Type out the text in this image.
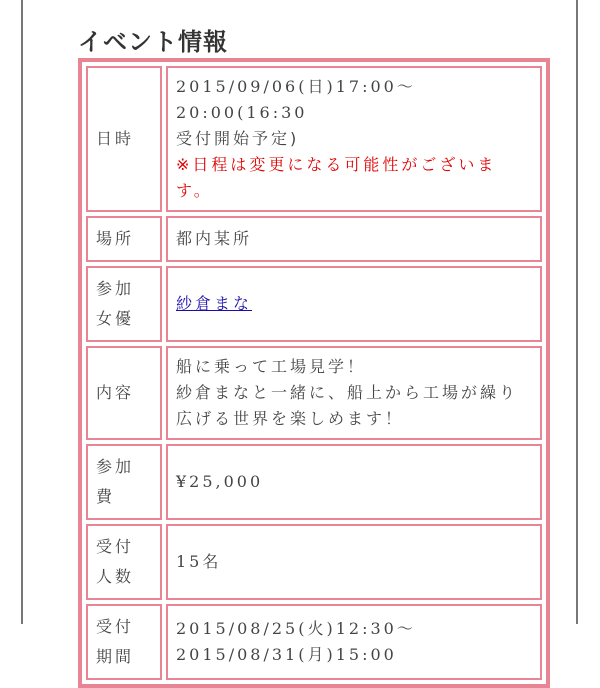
イベント情報
日時	2015/09/06(日)17:00〜20:00(16:30
受付開始予定)
※日程は変更になる可能性がございます。
場所	都内某所
参加女優	紗倉まな
内容	船に乗って工場見学！
紗倉まなと一緒に、船上から工場が繰り広げる世界を楽しめます！
参加費	¥25,000
受付人数	15名
受付期間	2015/08/25(火)12:30〜
2015/08/31(月)15:00
